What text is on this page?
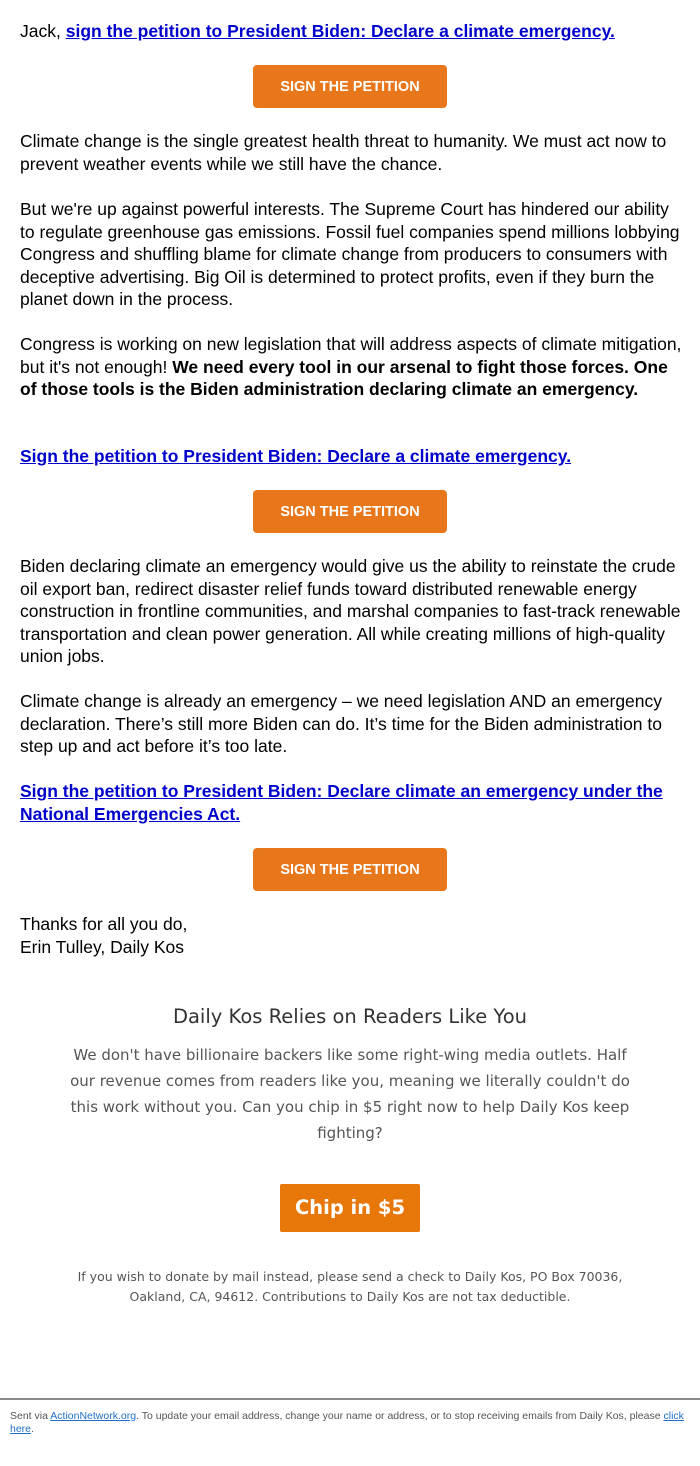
Jack, sign the petition to President Biden: Declare a climate emergency.

SIGN THE PETITION

Climate change is the single greatest health threat to humanity. We must act now to prevent weather events while we still have the chance.

But we're up against powerful interests. The Supreme Court has hindered our ability to regulate greenhouse gas emissions. Fossil fuel companies spend millions lobbying Congress and shuffling blame for climate change from producers to consumers with deceptive advertising. Big Oil is determined to protect profits, even if they burn the planet down in the process.

Congress is working on new legislation that will address aspects of climate mitigation, but it's not enough! We need every tool in our arsenal to fight those forces. One of those tools is the Biden administration declaring climate an emergency.

Sign the petition to President Biden: Declare a climate emergency.

SIGN THE PETITION

Biden declaring climate an emergency would give us the ability to reinstate the crude oil export ban, redirect disaster relief funds toward distributed renewable energy construction in frontline communities, and marshal companies to fast-track renewable transportation and clean power generation. All while creating millions of high-quality union jobs.

Climate change is already an emergency – we need legislation AND an emergency declaration. There’s still more Biden can do. It’s time for the Biden administration to step up and act before it’s too late.

Sign the petition to President Biden: Declare climate an emergency under the National Emergencies Act.

SIGN THE PETITION

Thanks for all you do,
Erin Tulley, Daily Kos

Daily Kos Relies on Readers Like You

We don't have billionaire backers like some right-wing media outlets. Half our revenue comes from readers like you, meaning we literally couldn't do this work without you. Can you chip in $5 right now to help Daily Kos keep fighting?

Chip in $5

If you wish to donate by mail instead, please send a check to Daily Kos, PO Box 70036, Oakland, CA, 94612. Contributions to Daily Kos are not tax deductible.

Sent via ActionNetwork.org. To update your email address, change your name or address, or to stop receiving emails from Daily Kos, please click here.
